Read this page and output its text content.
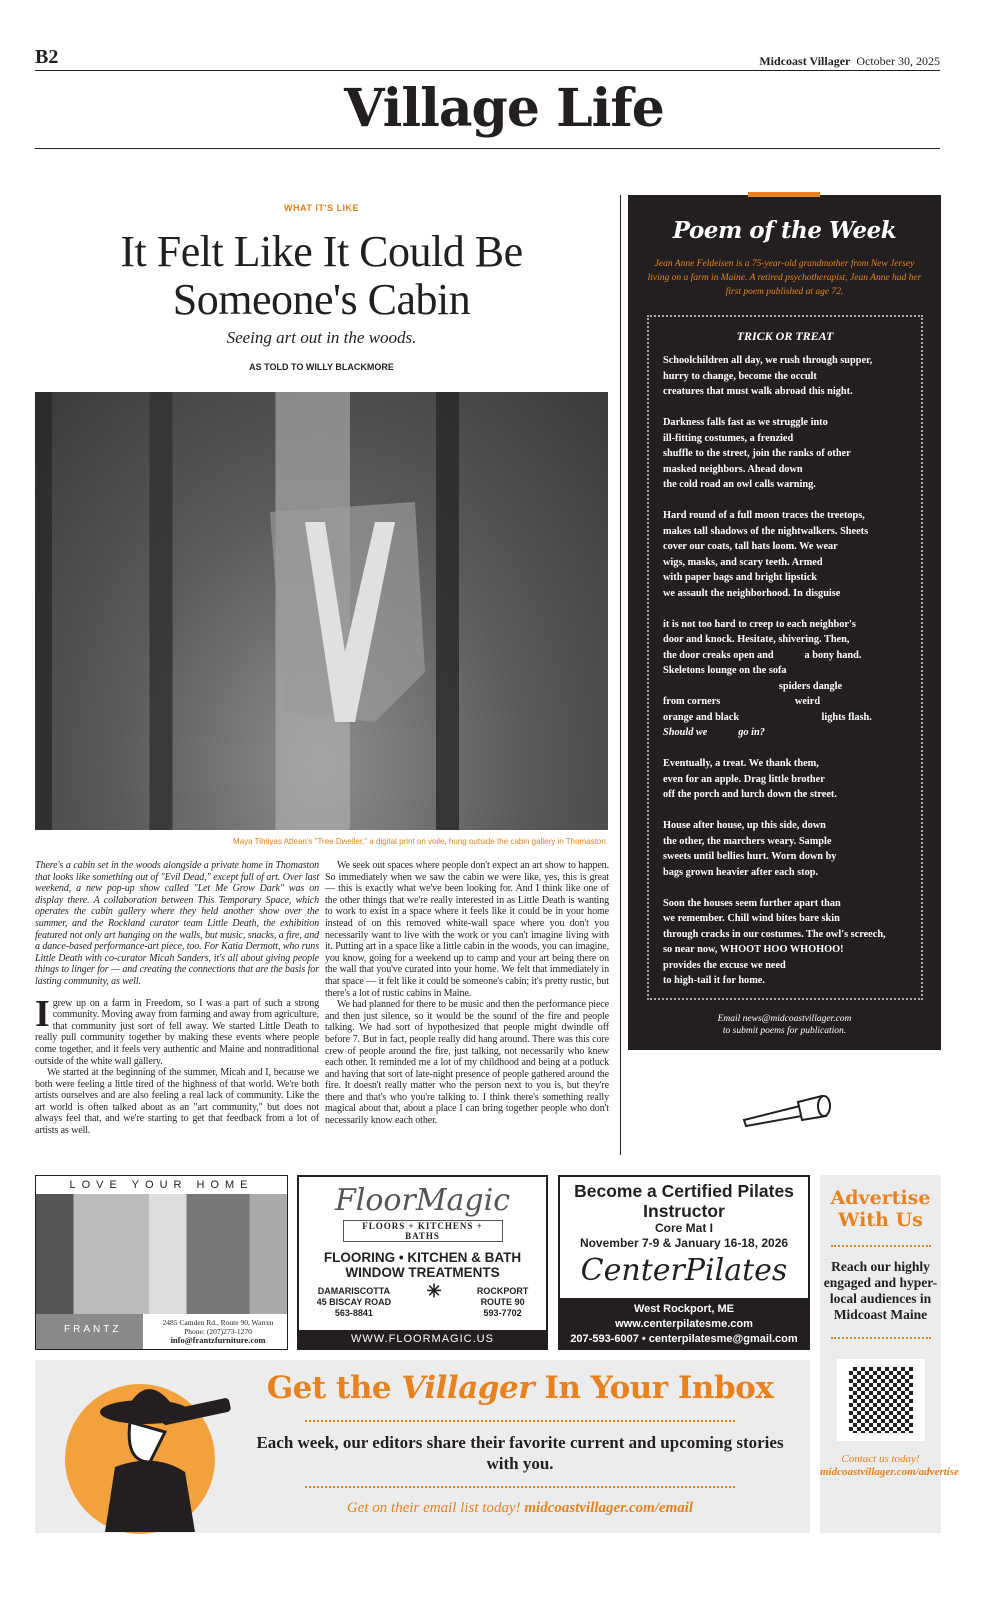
B2	Midcoast Villager October 30, 2025
Village Life
WHAT IT'S LIKE
It Felt Like It Could Be Someone's Cabin
Seeing art out in the woods.
AS TOLD TO WILLY BLACKMORE
Maya Tihtiyas Attean's "Tree Dweller," a digital print on voile, hung outside the cabin gallery in Thomaston.

There's a cabin set in the woods alongside a private home in Thomaston that looks like something out of "Evil Dead," except full of art. Over last weekend, a new pop-up show called "Let Me Grow Dark" was on display there. A collaboration between This Temporary Space, which operates the cabin gallery where they held another show over the summer, and the Rockland curator team Little Death, the exhibition featured not only art hanging on the walls, but music, snacks, a fire, and a dance-based performance-art piece, too. For Katia Dermott, who runs Little Death with co-curator Micah Sanders, it's all about giving people things to linger for — and creating the connections that are the basis for lasting community, as well.

Igrew up on a farm in Freedom, so I was a part of such a strong community. Moving away from farming and away from agriculture, that community just sort of fell away. We started Little Death to really pull community together by making these events where people come together, and it feels very authentic and Maine and nontraditional outside of the white wall gallery.

We started at the beginning of the summer, Micah and I, because we both were feeling a little tired of the highness of that world. We're both artists ourselves and are also feeling a real lack of community. Like the art world is often talked about as an "art community," but does not always feel that, and we're starting to get that feedback from a lot of artists as well.

We seek out spaces where people don't expect an art show to happen. So immediately when we saw the cabin we were like, yes, this is great — this is exactly what we've been looking for. And I think like one of the other things that we're really interested in as Little Death is wanting to work to exist in a space where it feels like it could be in your home instead of on this removed white-wall space where you don't you necessarily want to live with the work or you can't imagine living with it. Putting art in a space like a little cabin in the woods, you can imagine, you know, going for a weekend up to camp and your art being there on the wall that you've curated into your home. We felt that immediately in that space — it felt like it could be someone's cabin; it's pretty rustic, but there's a lot of rustic cabins in Maine.

We had planned for there to be music and then the performance piece and then just silence, so it would be the sound of the fire and people talking. We had sort of hypothesized that people might dwindle off before 7. But in fact, people really did hang around. There was this core crew of people around the fire, just talking, not necessarily who knew each other. It reminded me a lot of my childhood and being at a potluck and having that sort of late-night presence of people gathered around the fire. It doesn't really matter who the person next to you is, but they're there and that's who you're talking to. I think there's something really magical about that, about a place I can bring together people who don't necessarily know each other.

Poem of the Week
Jean Anne Feldeisen is a 75-year-old grandmother from New Jersey living on a farm in Maine. A retired psychotherapist, Jean Anne had her first poem published at age 72.
TRICK OR TREAT
Schoolchildren all day, we rush through supper,
hurry to change, become the occult
creatures that must walk abroad this night.
Darkness falls fast as we struggle into
ill-fitting costumes, a frenzied
shuffle to the street, join the ranks of other
masked neighbors. Ahead down
the cold road an owl calls warning.
Hard round of a full moon traces the treetops,
makes tall shadows of the nightwalkers. Sheets
cover our coats, tall hats loom. We wear
wigs, masks, and scary teeth. Armed
with paper bags and bright lipstick
we assault the neighborhood. In disguise
it is not too hard to creep to each neighbor's
door and knock. Hesitate, shivering. Then,
the door creaks open and            a bony hand.
Skeletons lounge on the sofa
spiders dangle
from corners                             weird
orange and black                                lights flash.
Should we            go in?
Eventually, a treat. We thank them,
even for an apple. Drag little brother
off the porch and lurch down the street.
House after house, up this side, down
the other, the marchers weary. Sample
sweets until bellies hurt. Worn down by
bags grown heavier after each stop.
Soon the houses seem further apart than
we remember. Chill wind bites bare skin
through cracks in our costumes. The owl's screech,
so near now, WHOOT HOO WHOHOO!
provides the excuse we need
to high-tail it for home.
Email news@midcoastvillager.com
to submit poems for publication.
LOVE YOUR HOME
FRANTZ
2485 Camden Rd., Route 90, Warren
Phone: (207)273-1270
info@frantzfurniture.com
FloorMagic
FLOORS + KITCHENS + BATHS
FLOORING • KITCHEN & BATH
WINDOW TREATMENTS
DAMARISCOTTA
45 BISCAY ROAD
563-8841
✳	ROCKPORT
ROUTE 90
593-7702
WWW.FLOORMAGIC.US
Become a Certified Pilates Instructor
Core Mat I
November 7-9 & January 16-18, 2026
CenterPilates
West Rockport, ME
www.centerpilatesme.com
207-593-6007 • centerpilatesme@gmail.com
Advertise With Us
Reach our highly engaged and hyper-local audiences in Midcoast Maine
Contact us today!
midcoastvillager.com/advertise
Get the Villager In Your Inbox
Each week, our editors share their favorite current and upcoming stories with you.
Get on their email list today! midcoastvillager.com/email
